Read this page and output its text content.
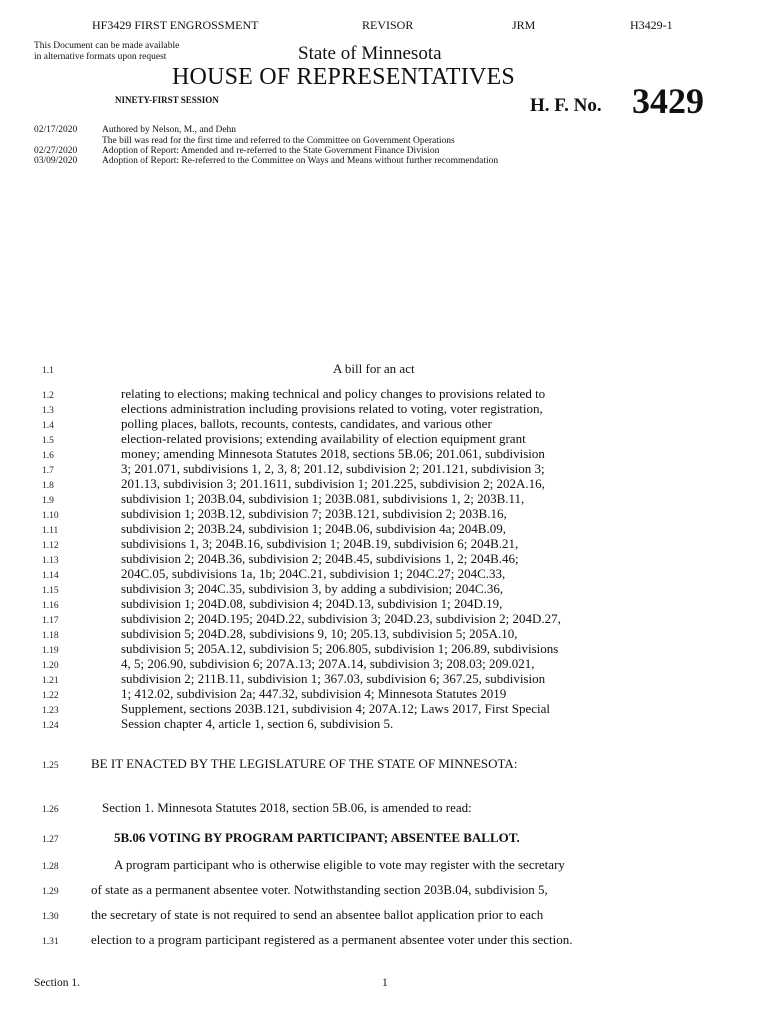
HF3429 FIRST ENGROSSMENT	REVISOR	JRM	H3429-1
This Document can be made available
in alternative formats upon request	State of Minnesota
HOUSE OF REPRESENTATIVES
NINETY-FIRST SESSION	H. F. No. 3429
02/17/2020	Authored by Nelson, M., and Dehn
The bill was read for the first time and referred to the Committee on Government Operations
02/27/2020	Adoption of Report: Amended and re-referred to the State Government Finance Division
03/09/2020	Adoption of Report: Re-referred to the Committee on Ways and Means without further recommendation
1.1	A bill for an act
1.2	relating to elections; making technical and policy changes to provisions related to
1.3	elections administration including provisions related to voting, voter registration,
1.4	polling places, ballots, recounts, contests, candidates, and various other
1.5	election-related provisions; extending availability of election equipment grant
1.6	money; amending Minnesota Statutes 2018, sections 5B.06; 201.061, subdivision
1.7	3; 201.071, subdivisions 1, 2, 3, 8; 201.12, subdivision 2; 201.121, subdivision 3;
1.8	201.13, subdivision 3; 201.1611, subdivision 1; 201.225, subdivision 2; 202A.16,
1.9	subdivision 1; 203B.04, subdivision 1; 203B.081, subdivisions 1, 2; 203B.11,
1.10	subdivision 1; 203B.12, subdivision 7; 203B.121, subdivision 2; 203B.16,
1.11	subdivision 2; 203B.24, subdivision 1; 204B.06, subdivision 4a; 204B.09,
1.12	subdivisions 1, 3; 204B.16, subdivision 1; 204B.19, subdivision 6; 204B.21,
1.13	subdivision 2; 204B.36, subdivision 2; 204B.45, subdivisions 1, 2; 204B.46;
1.14	204C.05, subdivisions 1a, 1b; 204C.21, subdivision 1; 204C.27; 204C.33,
1.15	subdivision 3; 204C.35, subdivision 3, by adding a subdivision; 204C.36,
1.16	subdivision 1; 204D.08, subdivision 4; 204D.13, subdivision 1; 204D.19,
1.17	subdivision 2; 204D.195; 204D.22, subdivision 3; 204D.23, subdivision 2; 204D.27,
1.18	subdivision 5; 204D.28, subdivisions 9, 10; 205.13, subdivision 5; 205A.10,
1.19	subdivision 5; 205A.12, subdivision 5; 206.805, subdivision 1; 206.89, subdivisions
1.20	4, 5; 206.90, subdivision 6; 207A.13; 207A.14, subdivision 3; 208.03; 209.021,
1.21	subdivision 2; 211B.11, subdivision 1; 367.03, subdivision 6; 367.25, subdivision
1.22	1; 412.02, subdivision 2a; 447.32, subdivision 4; Minnesota Statutes 2019
1.23	Supplement, sections 203B.121, subdivision 4; 207A.12; Laws 2017, First Special
1.24	Session chapter 4, article 1, section 6, subdivision 5.
1.25 BE IT ENACTED BY THE LEGISLATURE OF THE STATE OF MINNESOTA:
1.26	Section 1. Minnesota Statutes 2018, section 5B.06, is amended to read:
1.27	5B.06 VOTING BY PROGRAM PARTICIPANT; ABSENTEE BALLOT.
1.28	A program participant who is otherwise eligible to vote may register with the secretary
1.29 of state as a permanent absentee voter. Notwithstanding section 203B.04, subdivision 5,
1.30 the secretary of state is not required to send an absentee ballot application prior to each
1.31 election to a program participant registered as a permanent absentee voter under this section.
Section 1.	1
